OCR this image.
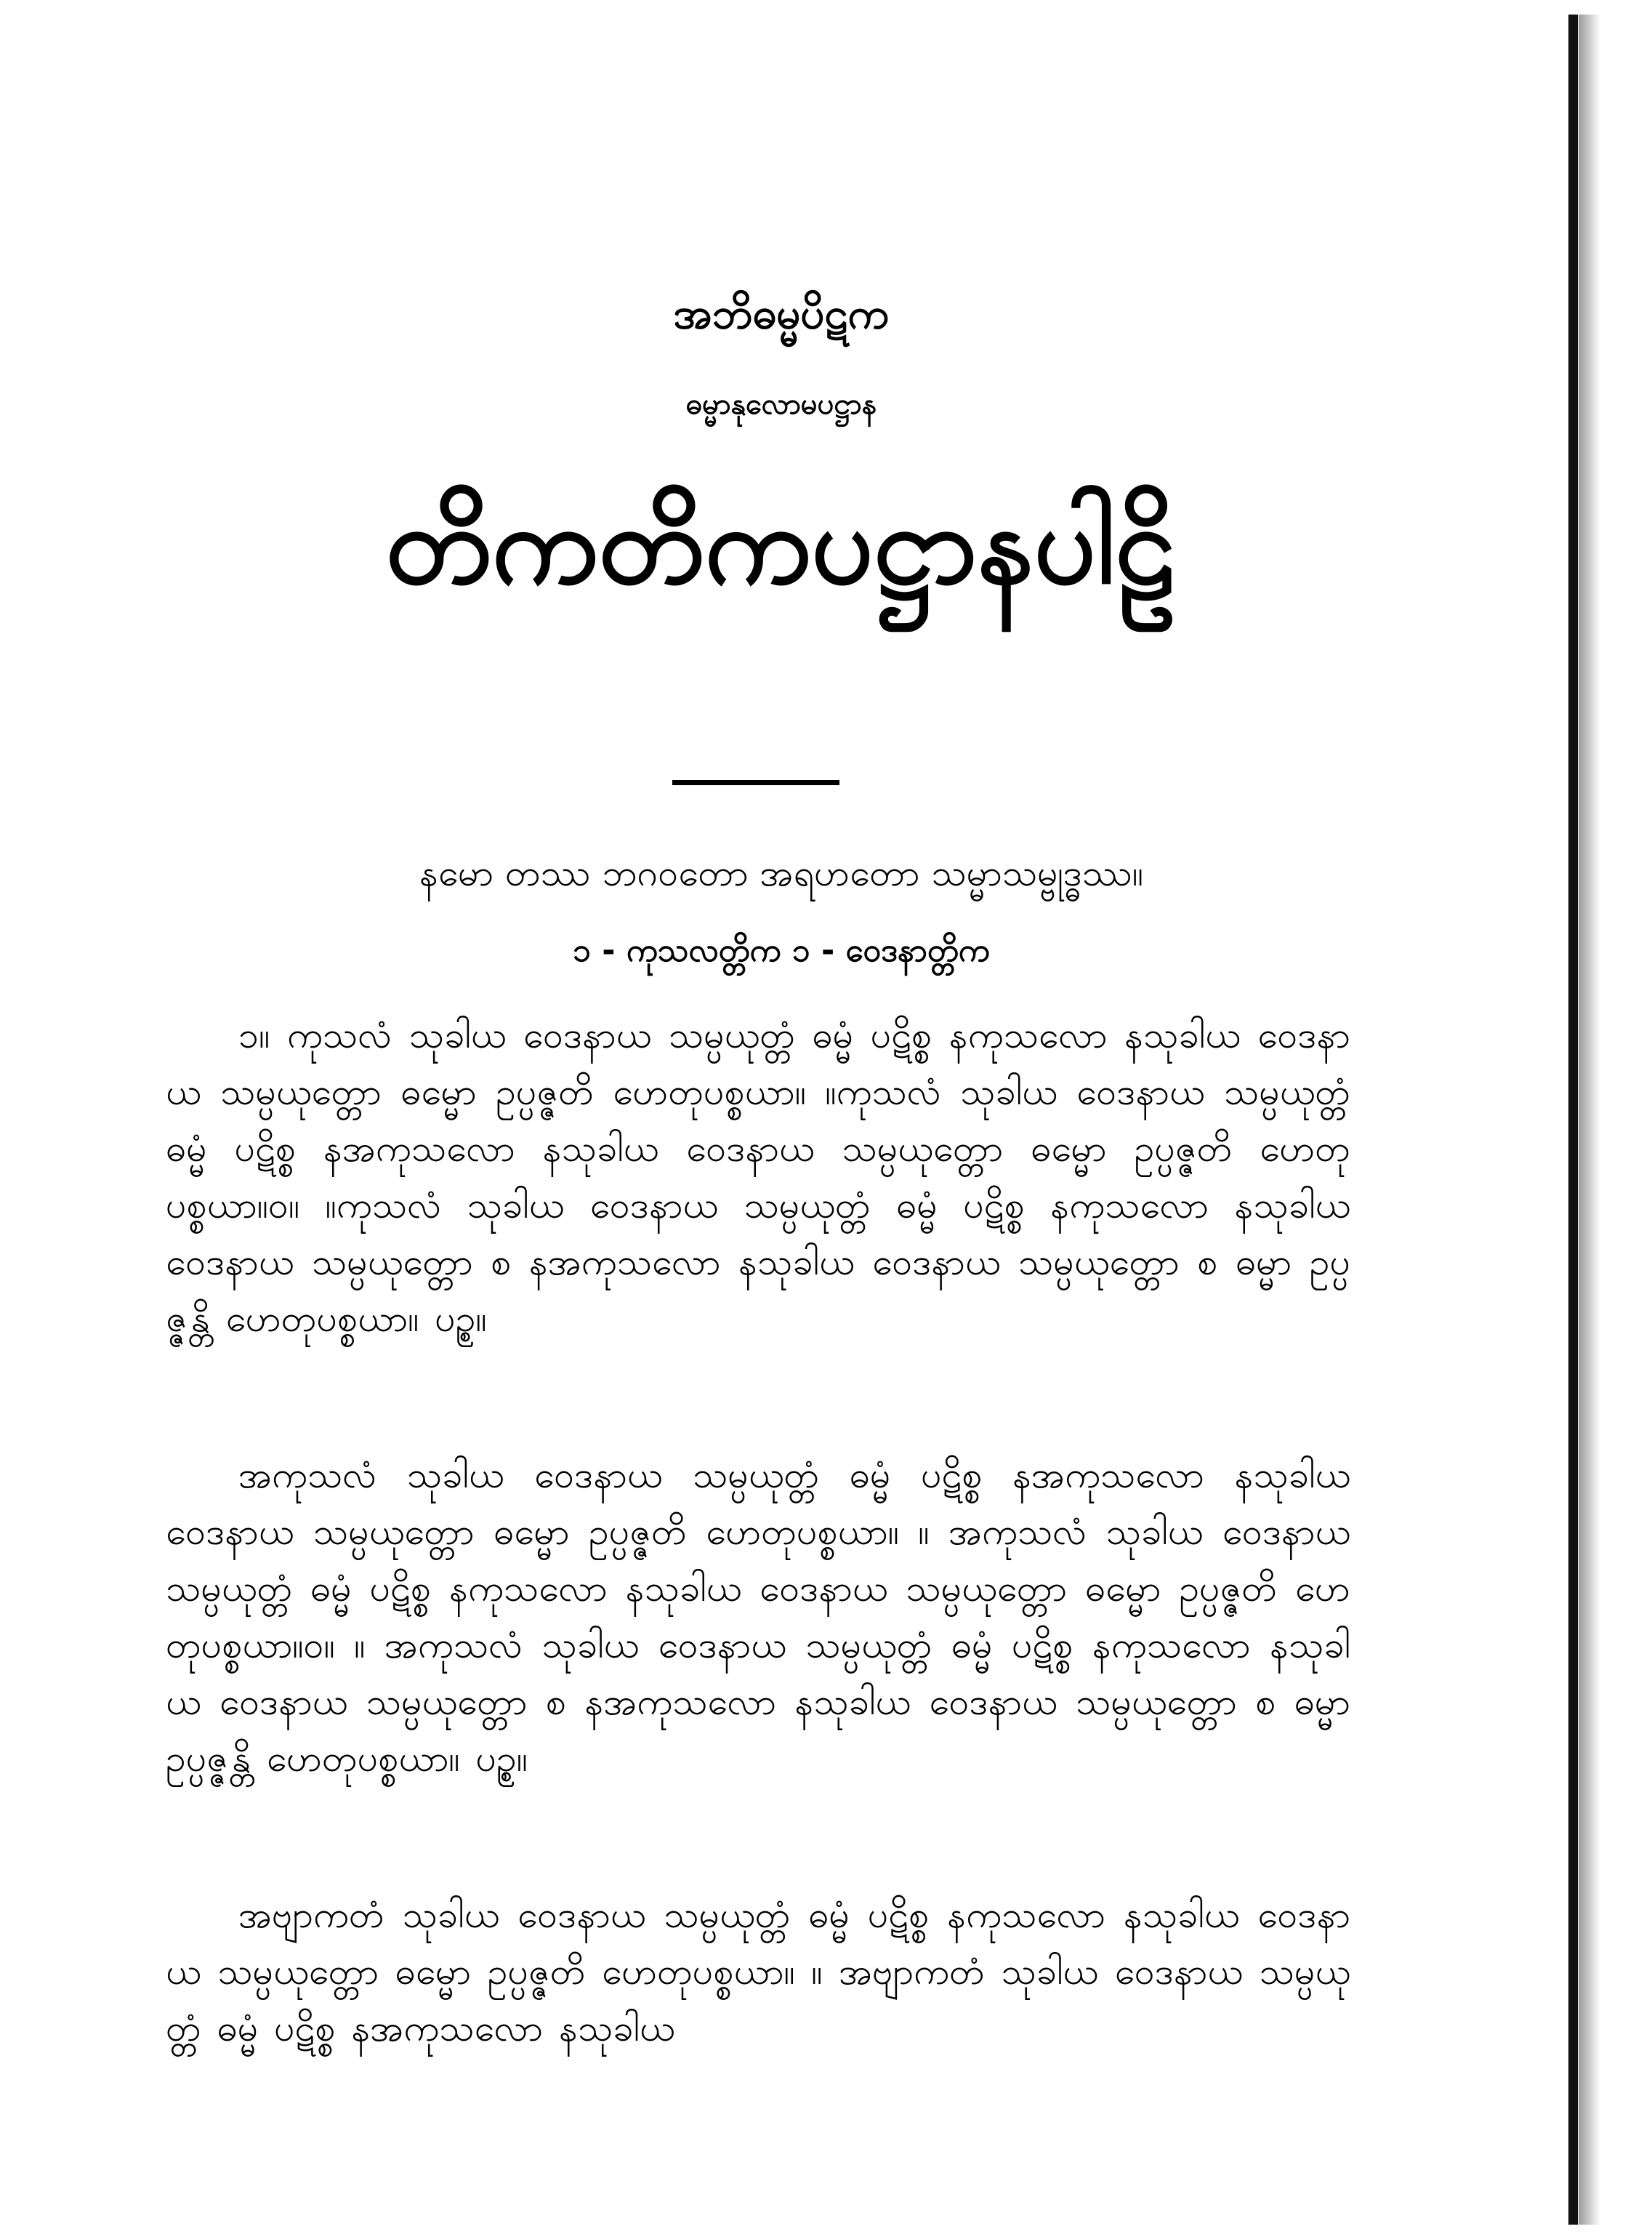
အဘိဓမ္မပိဋက
ဓမ္မာနုလောမပဋ္ဌာန
တိကတိကပဋ္ဌာနပါဠိ
နမော တဿ ဘဂဝတော အရဟတော သမ္မာသမ္ဗုဒ္ဓဿ။
၁ - ကုသလတ္တိက ၁ - ဝေဒနာတ္တိက
၁။ ကုသလံ သုခါယ ဝေဒနာယ သမ္ပယုတ္တံ ဓမ္မံ ပဋိစ္စ နကုသလော နသုခါယ ဝေဒနာယ သမ္ပယုတ္တော ဓမ္မော ဥပ္ပဇ္ဇတိ ဟေတုပစ္စယာ။ ။ကုသလံ သုခါယ ဝေဒနာယ သမ္ပယုတ္တံ ဓမ္မံ ပဋိစ္စ နအကုသလော နသုခါယ ဝေဒနာယ သမ္ပယုတ္တော ဓမ္မော ဥပ္ပဇ္ဇတိ ဟေတုပစ္စယာ။၀။ ။ကုသလံ သုခါယ ဝေဒနာယ သမ္ပယုတ္တံ ဓမ္မံ ပဋိစ္စ နကုသလော နသုခါယ ဝေဒနာယ သမ္ပယုတ္တော စ နအကုသလော နသုခါယ ဝေဒနာယ သမ္ပယုတ္တော စ ဓမ္မာ ဥပ္ပဇ္ဇန္တိ ဟေတုပစ္စယာ။ ပဉ္စ။
အကုသလံ သုခါယ ဝေဒနာယ သမ္ပယုတ္တံ ဓမ္မံ ပဋိစ္စ နအကုသလော နသုခါယ ဝေဒနာယ သမ္ပယုတ္တော ဓမ္မော ဥပ္ပဇ္ဇတိ ဟေတုပစ္စယာ။ ။ အကုသလံ သုခါယ ဝေဒနာယ သမ္ပယုတ္တံ ဓမ္မံ ပဋိစ္စ နကုသလော နသုခါယ ဝေဒနာယ သမ္ပယုတ္တော ဓမ္မော ဥပ္ပဇ္ဇတိ ဟေတုပစ္စယာ။၀။ ။ အကုသလံ သုခါယ ဝေဒနာယ သမ္ပယုတ္တံ ဓမ္မံ ပဋိစ္စ နကုသလော နသုခါယ ဝေဒနာယ သမ္ပယုတ္တော စ နအကုသလော နသုခါယ ဝေဒနာယ သမ္ပယုတ္တော စ ဓမ္မာ ဥပ္ပဇ္ဇန္တိ ဟေတုပစ္စယာ။ ပဉ္စ။
အဗျာကတံ သုခါယ ဝေဒနာယ သမ္ပယုတ္တံ ဓမ္မံ ပဋိစ္စ နကုသလော နသုခါယ ဝေဒနာယ သမ္ပယုတ္တော ဓမ္မော ဥပ္ပဇ္ဇတိ ဟေတုပစ္စယာ။ ။ အဗျာကတံ သုခါယ ဝေဒနာယ သမ္ပယုတ္တံ ဓမ္မံ ပဋိစ္စ နအကုသလော နသုခါယ
